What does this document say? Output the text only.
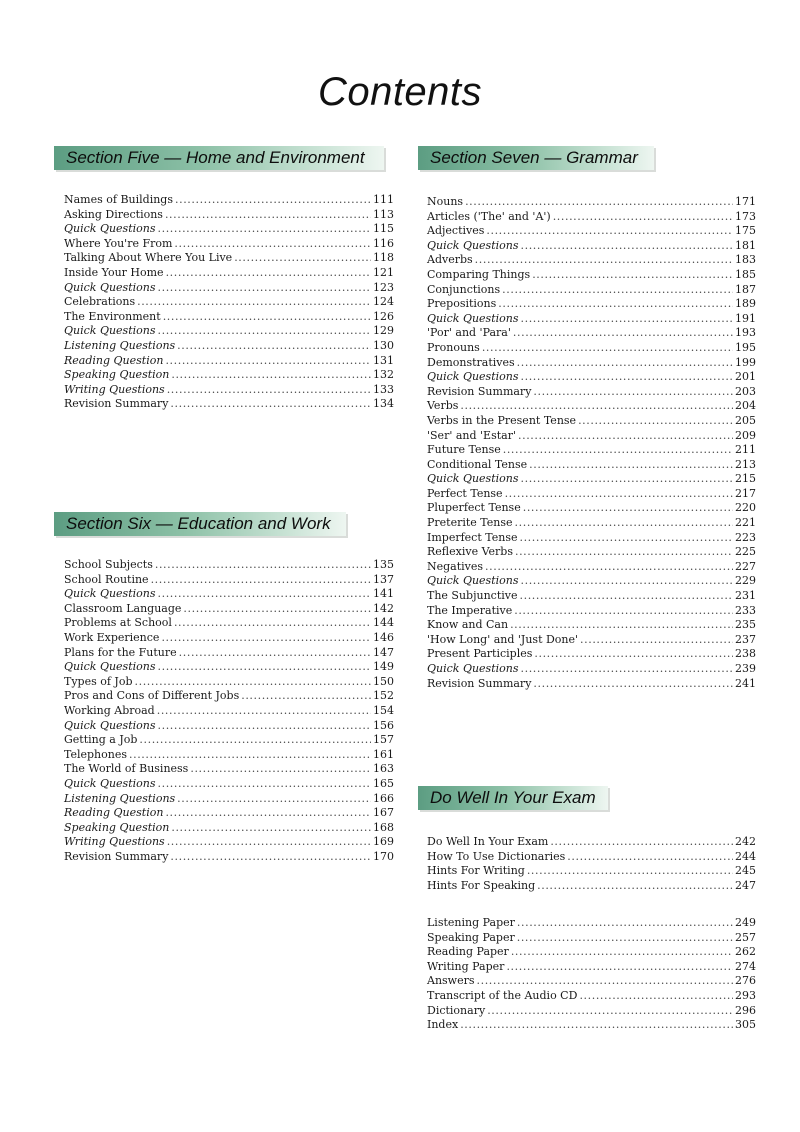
Contents
Section Five — Home and Environment
Names of Buildings .....	111
Asking Directions .....	113
Quick Questions .....	115
Where You're From .....	116
Talking About Where You Live .....	118
Inside Your Home .....	121
Quick Questions .....	123
Celebrations .....	124
The Environment .....	126
Quick Questions .....	129
Listening Questions .....	130
Reading Question .....	131
Speaking Question .....	132
Writing Questions .....	133
Revision Summary .....	134
Section Six — Education and Work
School Subjects .....	135
School Routine .....	137
Quick Questions .....	141
Classroom Language .....	142
Problems at School .....	144
Work Experience .....	146
Plans for the Future .....	147
Quick Questions .....	149
Types of Job .....	150
Pros and Cons of Different Jobs .....	152
Working Abroad .....	154
Quick Questions .....	156
Getting a Job .....	157
Telephones .....	161
The World of Business .....	163
Quick Questions .....	165
Listening Questions .....	166
Reading Question .....	167
Speaking Question .....	168
Writing Questions .....	169
Revision Summary .....	170
Section Seven — Grammar
Nouns .....	171
Articles ('The' and 'A') .....	173
Adjectives .....	175
Quick Questions .....	181
Adverbs .....	183
Comparing Things .....	185
Conjunctions .....	187
Prepositions .....	189
Quick Questions .....	191
'Por' and 'Para' .....	193
Pronouns .....	195
Demonstratives .....	199
Quick Questions .....	201
Revision Summary .....	203
Verbs .....	204
Verbs in the Present Tense .....	205
'Ser' and 'Estar' .....	209
Future Tense .....	211
Conditional Tense .....	213
Quick Questions .....	215
Perfect Tense .....	217
Pluperfect Tense .....	220
Preterite Tense .....	221
Imperfect Tense .....	223
Reflexive Verbs .....	225
Negatives .....	227
Quick Questions .....	229
The Subjunctive .....	231
The Imperative .....	233
Know and Can .....	235
'How Long' and 'Just Done' .....	237
Present Participles .....	238
Quick Questions .....	239
Revision Summary .....	241
Do Well In Your Exam
Do Well In Your Exam .....	242
How To Use Dictionaries .....	244
Hints For Writing .....	245
Hints For Speaking .....	247
Listening Paper .....	249
Speaking Paper .....	257
Reading Paper .....	262
Writing Paper .....	274
Answers .....	276
Transcript of the Audio CD .....	293
Dictionary .....	296
Index .....	305
